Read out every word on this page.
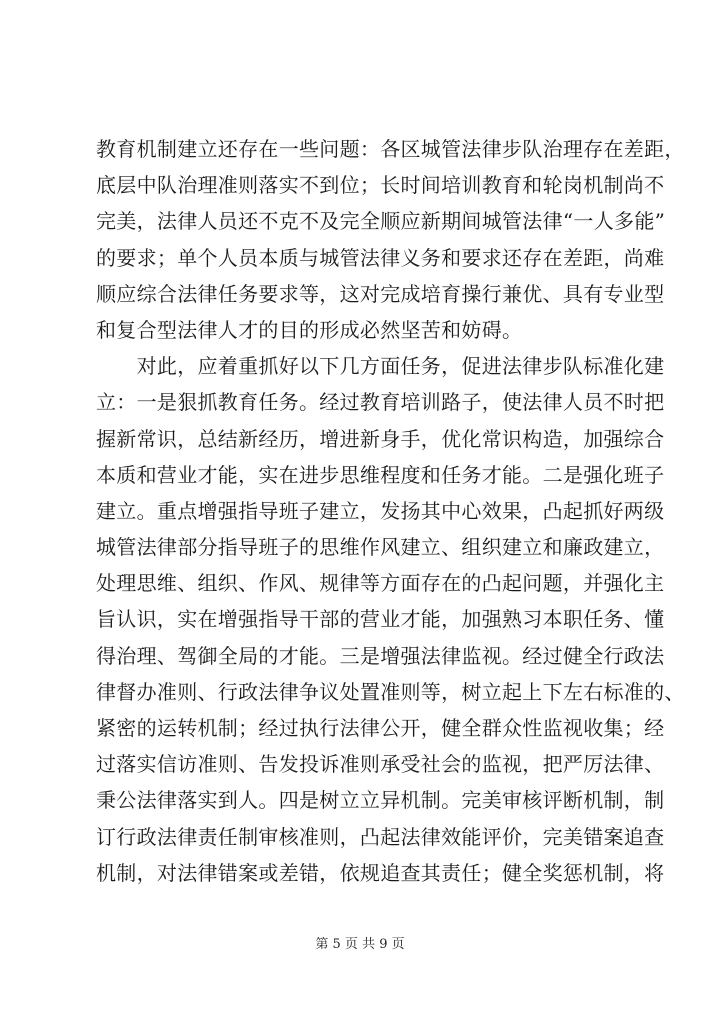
教育机制建立还存在一些问题：各区城管法律步队治理存在差距，
底层中队治理准则落实不到位；长时间培训教育和轮岗机制尚不
完美，法律人员还不克不及完全顺应新期间城管法律“一人多能”
的要求；单个人员本质与城管法律义务和要求还存在差距，尚难
顺应综合法律任务要求等，这对完成培育操行兼优、具有专业型
和复合型法律人才的目的形成必然坚苦和妨碍。
　　对此，应着重抓好以下几方面任务，促进法律步队标准化建
立：一是狠抓教育任务。经过教育培训路子，使法律人员不时把
握新常识，总结新经历，增进新身手，优化常识构造，加强综合
本质和营业才能，实在进步思维程度和任务才能。二是强化班子
建立。重点增强指导班子建立，发扬其中心效果，凸起抓好两级
城管法律部分指导班子的思维作风建立、组织建立和廉政建立，
处理思维、组织、作风、规律等方面存在的凸起问题，并强化主
旨认识，实在增强指导干部的营业才能，加强熟习本职任务、懂
得治理、驾御全局的才能。三是增强法律监视。经过健全行政法
律督办准则、行政法律争议处置准则等，树立起上下左右标准的、
紧密的运转机制；经过执行法律公开，健全群众性监视收集；经
过落实信访准则、告发投诉准则承受社会的监视，把严厉法律、
秉公法律落实到人。四是树立立异机制。完美审核评断机制，制
订行政法律责任制审核准则，凸起法律效能评价，完美错案追查
机制，对法律错案或差错，依规追查其责任；健全奖惩机制，将
第 5 页 共 9 页
